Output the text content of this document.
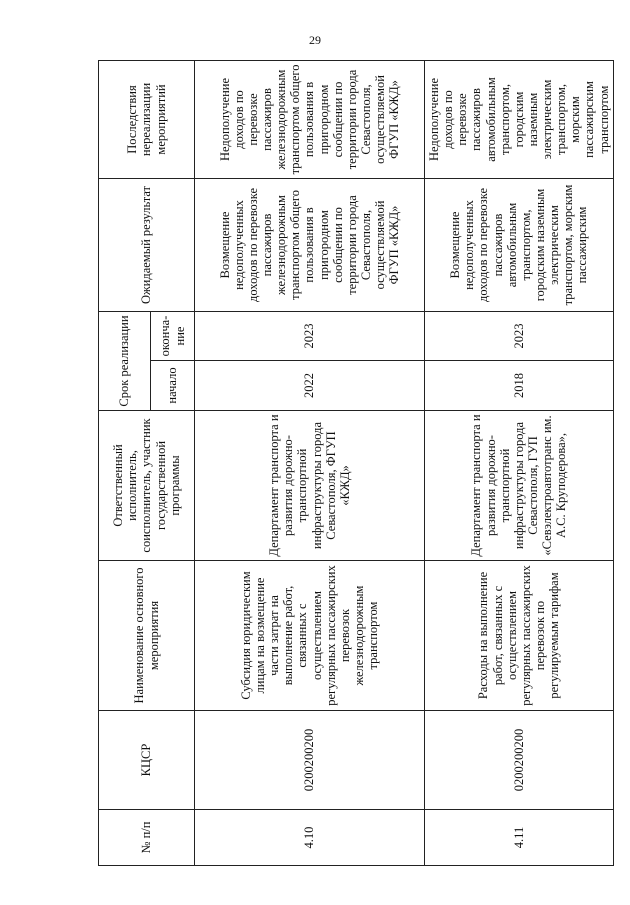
29
№ п/п	КЦСР	Наименование основного мероприятия	Ответственный исполнитель, соисполнитель, участник государственной программы	Срок реализации		Ожидаемый результат	Последствия нереализации мероприятий
				начало	оконча-ние		
4.10	0200200200	Субсидия юридическим лицам на возмещение части затрат на выполнение работ, связанных с осуществлением регулярных пассажирских перевозок железнодорожным транспортом	Департамент транспорта и развития дорожно-транспортной инфраструктуры города Севастополя, ФГУП «КЖД»	2022	2023	Возмещение недополученных доходов по перевозке пассажиров железнодорожным транспортом общего пользования в пригородном сообщении по территории города Севастополя, осуществляемой ФГУП «КЖД»	Недополучение доходов по перевозке пассажиров железнодорожным транспортом общего пользования в пригородном сообщении по территории города Севастополя, осуществляемой ФГУП «КЖД»
4.11	0200200200	Расходы на выполнение работ, связанных с осуществлением регулярных пассажирских перевозок по регулируемым тарифам	Департамент транспорта и развития дорожно-транспортной инфраструктуры города Севастополя, ГУП «Севэлектроавтотранс им. А.С. Круподерова»,	2018	2023	Возмещение недополученных доходов по перевозке пассажиров автомобильным транспортом, городским наземным электрическим транспортом, морским пассажирским	Недополучение доходов по перевозке пассажиров автомобильным транспортом, городским наземным электрическим транспортом, морским пассажирским транспортом
